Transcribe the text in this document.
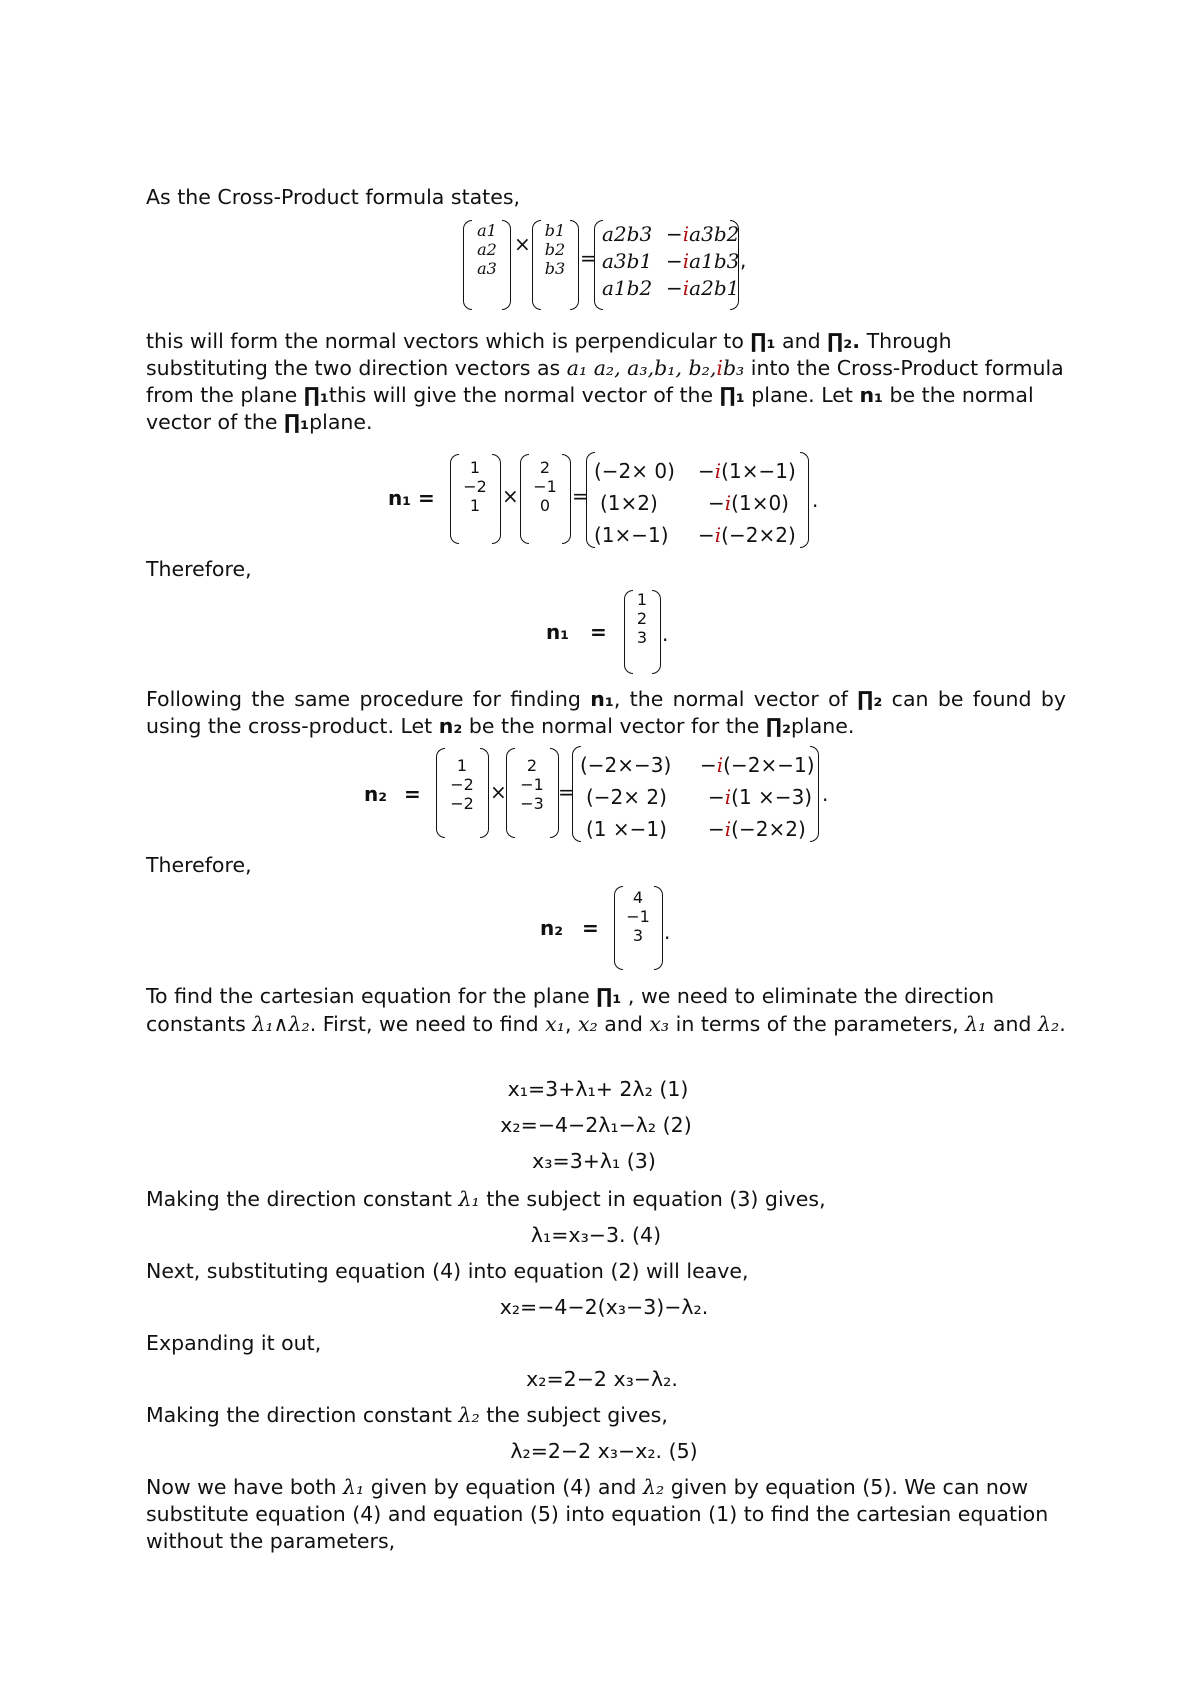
As the Cross-Product formula states,

a1
a2
a3
×
b1
b2
b3 =
a2b3 −ia3b2
a3b1 −ia1b3
a1b2 −ia2b1
,

this will form the normal vectors which is perpendicular to ∏₁ and ∏₂. Through substituting the two direction vectors as a₁ a₂, a₃,b₁, b₂,ib₃ into the Cross-Product formula from the plane ∏₁this will give the normal vector of the ∏₁ plane. Let n₁ be the normal vector of the ∏₁plane.

n₁ =
1
−2
1	×
2
−1
0	=
(−2× 0) −i(1×−1)
(1×2)	−i(1×0)
(1×−1) −i(−2×2)
.

Therefore,

n₁ =
1
2
3 .

Following the same procedure for finding n₁, the normal vector of ∏₂ can be found by using the cross-product. Let n₂ be the normal vector for the ∏₂plane.

n₂ =
1
−2
−2 ×
2
−1
−3 =
(−2×−3) −i(−2×−1)
(−2× 2) −i(1 ×−3)
(1 ×−1) −i(−2×2)
.

Therefore,

n₂ =
4
−1
3	.

To find the cartesian equation for the plane ∏₁ , we need to eliminate the direction constants λ₁∧λ₂. First, we need to find x₁, x₂ and x₃ in terms of the parameters, λ₁ and λ₂.

x₁=3+λ₁+ 2λ₂ (1)
x₂=−4−2λ₁−λ₂ (2)
x₃=3+λ₁ (3)

Making the direction constant λ₁ the subject in equation (3) gives,

λ₁=x₃−3. (4)

Next, substituting equation (4) into equation (2) will leave,

x₂=−4−2(x₃−3)−λ₂.

Expanding it out,

x₂=2−2 x₃−λ₂.

Making the direction constant λ₂ the subject gives,

λ₂=2−2 x₃−x₂. (5)

Now we have both λ₁ given by equation (4) and λ₂ given by equation (5). We can now substitute equation (4) and equation (5) into equation (1) to find the cartesian equation without the parameters,
